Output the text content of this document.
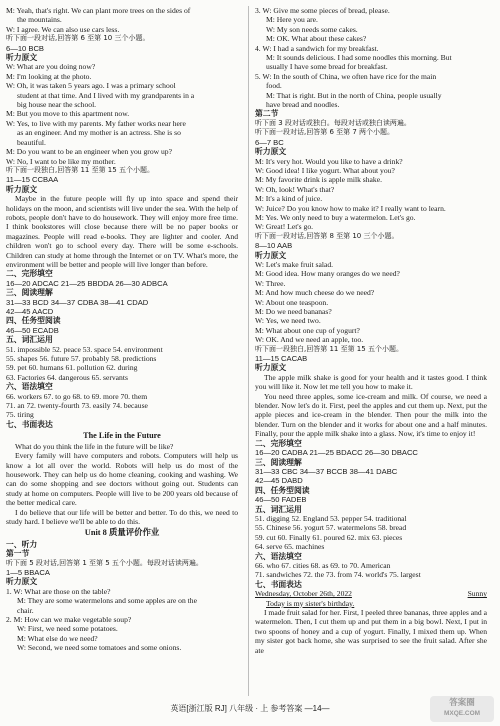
M: Yeah, that's right. We can plant more trees on the sides of
the mountains.
W: I agree. We can also use cars less.
听下面一段对话,回答第 6 至第 10 三个小题。
6—10 BCB
听力原文
W: What are you doing now?
M: I'm looking at the photo.
W: Oh, it was taken 5 years ago. I was a primary school
student at that time. And I lived with my grandparents in a
big house near the school.
M: But you move to this apartment now.
W: Yes, to live with my parents. My father works near here
as an engineer. And my mother is an actress. She is so
beautiful.
M: Do you want to be an engineer when you grow up?
W: No, I want to be like my mother.
听下面一段独白,回答第 11 至第 15 五个小题。
11—15 CCBAA
听力原文
Maybe in the future people will fly up into space and spend their holidays on the moon, and scientists will live under the sea. With the help of robots, people don't have to do housework. They will enjoy more free time. I think bookstores will close because there will be no paper books or magazines. People will read e-books. They are lighter and cooler. And children won't go to school every day. There will be some e-schools. Children can study at home through the Internet or on TV. What's more, the environment will be better and people will live longer than before.
二、完形填空
16—20 ADCAC 21—25 BBDDA 26—30 ADBCA
三、阅读理解
31—33 BCD 34—37 CDBA 38—41 CDAD
42—45 AACD
四、任务型阅读
46—50 ECADB
五、词汇运用
51. impossible 52. peace 53. space 54. environment
55. shapes 56. future 57. probably 58. predictions
59. pet 60. humans 61. pollution 62. during
63. Factories 64. dangerous 65. servants
六、语法填空
66. workers 67. to go 68. to 69. more 70. them
71. an 72. twenty-fourth 73. easily 74. because
75. tiring
七、书面表达
The Life in the Future
What do you think the life in the future will be like?
Every family will have computers and robots. Computers will help us know a lot all over the world. Robots will help us do most of the housework. They can help us do home cleaning, cooking and washing. We can do some shopping and see doctors without going out. Students can study at home on computers. People will live to be 200 years old because of the better medical care.
I do believe that our life will be better and better. To do this, we need to study hard. I believe we'll be able to do this.
Unit 8 质量评价作业
一、听力
第一节
听下面 5 段对话,回答第 1 至第 5 五个小题。每段对话读两遍。
1—5 BBACA
听力原文
1. W: What are those on the table?
M: They are some watermelons and some apples are on the
chair.
2. M: How can we make vegetable soup?
W: First, we need some potatoes.
M: What else do we need?
W: Second, we need some tomatoes and some onions.
3. W: Give me some pieces of bread, please.
M: Here you are.
W: My son needs some cakes.
M: OK. What about these cakes?
4. W: I had a sandwich for my breakfast.
M: It sounds delicious. I had some noodles this morning. But
usually I have some bread for breakfast.
5. W: In the south of China, we often have rice for the main
food.
M: That is right. But in the north of China, people usually
have bread and noodles.
第二节
听下面 3 段对话或独白。每段对话或独白读两遍。
听下面一段对话,回答第 6 至第 7 两个小题。
6—7 BC
听力原文
M: It's very hot. Would you like to have a drink?
W: Good idea! I like yogurt. What about you?
M: My favorite drink is apple milk shake.
W: Oh, look! What's that?
M: It's a kind of juice.
W: Juice? Do you know how to make it? I really want to learn.
M: Yes. We only need to buy a watermelon. Let's go.
W: Great! Let's go.
听下面一段对话,回答第 8 至第 10 三个小题。
8—10 AAB
听力原文
W: Let's make fruit salad.
M: Good idea. How many oranges do we need?
W: Three.
M: And how much cheese do we need?
W: About one teaspoon.
M: Do we need bananas?
W: Yes, we need two.
M: What about one cup of yogurt?
W: OK. And we need an apple, too.
听下面一段独白,回答第 11 至第 15 五个小题。
11—15 CACAB
听力原文
The apple milk shake is good for your health and it tastes good. I think you will like it. Now let me tell you how to make it.
You need three apples, some ice-cream and milk. Of course, we need a blender. Now let's do it. First, peel the apples and cut them up. Next, put the apple pieces and ice-cream in the blender. Then pour the milk into the blender. Turn on the blender and it works for about one and a half minutes. Finally, pour the apple milk shake into a glass. Now, it's time to enjoy it!
二、完形填空
16—20 CADBA 21—25 BDACC 26—30 DBACC
三、阅读理解
31—33 CBC 34—37 BCCB 38—41 DABC
42—45 DABD
四、任务型阅读
46—50 FADEB
五、词汇运用
51. digging 52. England 53. pepper 54. traditional
55. Chinese 56. yogurt 57. watermelons 58. bread
59. cut 60. Finally 61. poured 62. mix 63. pieces
64. serve 65. machines
六、语法填空
66. who 67. cities 68. as 69. to 70. American
71. sandwiches 72. the 73. from 74. world's 75. largest
七、书面表达
Wednesday, October 26th, 2022	Sunny
Today is my sister's birthday.
I made fruit salad for her. First, I peeled three bananas, three apples and a watermelon. Then, I cut them up and put them in a big bowl. Next, I put in two spoons of honey and a cup of yogurt. Finally, I mixed them up. When my sister got back home, she was surprised to see the fruit salad. After she ate
英语[浙江版 RJ] 八年级 · 上 参考答案 —14—
答案圈
MXQE.COM
